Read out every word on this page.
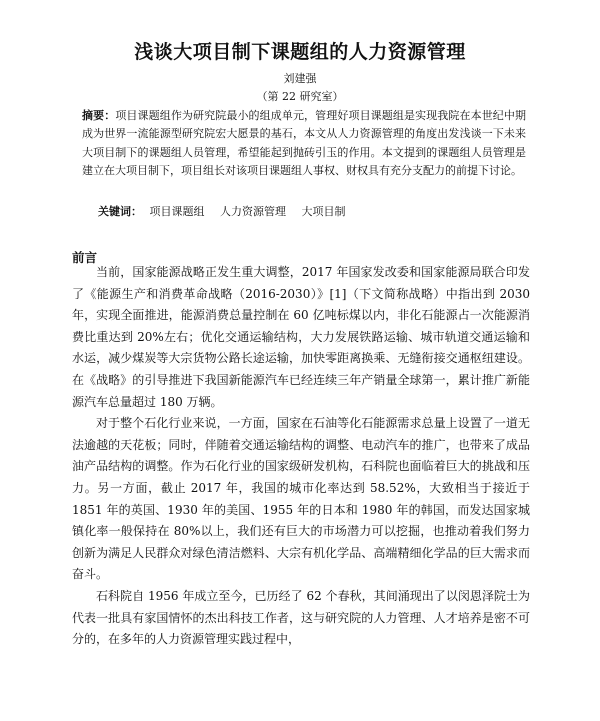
浅谈大项目制下课题组的人力资源管理
刘建强
（第 22 研究室）
摘要：项目课题组作为研究院最小的组成单元，管理好项目课题组是实现我院在本世纪中期成为世界一流能源型研究院宏大愿景的基石，本文从人力资源管理的角度出发浅谈一下未来大项目制下的课题组人员管理，希望能起到抛砖引玉的作用。本文提到的课题组人员管理是建立在大项目制下，项目组长对该项目课题组人事权、财权具有充分支配力的前提下讨论。
关键词： 项目课题组 人力资源管理 大项目制
前言

当前，国家能源战略正发生重大调整，2017 年国家发改委和国家能源局联合印发了《能源生产和消费革命战略（2016-2030）》[1]（下文简称战略）中指出到 2030 年，实现全面推进，能源消费总量控制在 60 亿吨标煤以内，非化石能源占一次能源消费比重达到 20%左右；优化交通运输结构，大力发展铁路运输、城市轨道交通运输和水运，减少煤炭等大宗货物公路长途运输，加快零距离换乘、无缝衔接交通枢纽建设。在《战略》的引导推进下我国新能源汽车已经连续三年产销量全球第一，累计推广新能源汽车总量超过 180 万辆。

对于整个石化行业来说，一方面，国家在石油等化石能源需求总量上设置了一道无法逾越的天花板；同时，伴随着交通运输结构的调整、电动汽车的推广，也带来了成品油产品结构的调整。作为石化行业的国家级研发机构，石科院也面临着巨大的挑战和压力。另一方面，截止 2017 年，我国的城市化率达到 58.52%，大致相当于接近于 1851 年的英国、1930 年的美国、1955 年的日本和 1980 年的韩国，而发达国家城镇化率一般保持在 80%以上，我们还有巨大的市场潜力可以挖掘，也推动着我们努力创新为满足人民群众对绿色清洁燃料、大宗有机化学品、高端精细化学品的巨大需求而奋斗。

石科院自 1956 年成立至今，已历经了 62 个春秋，其间涌现出了以闵恩泽院士为代表一批具有家国情怀的杰出科技工作者，这与研究院的人力管理、人才培养是密不可分的，在多年的人力资源管理实践过程中，
